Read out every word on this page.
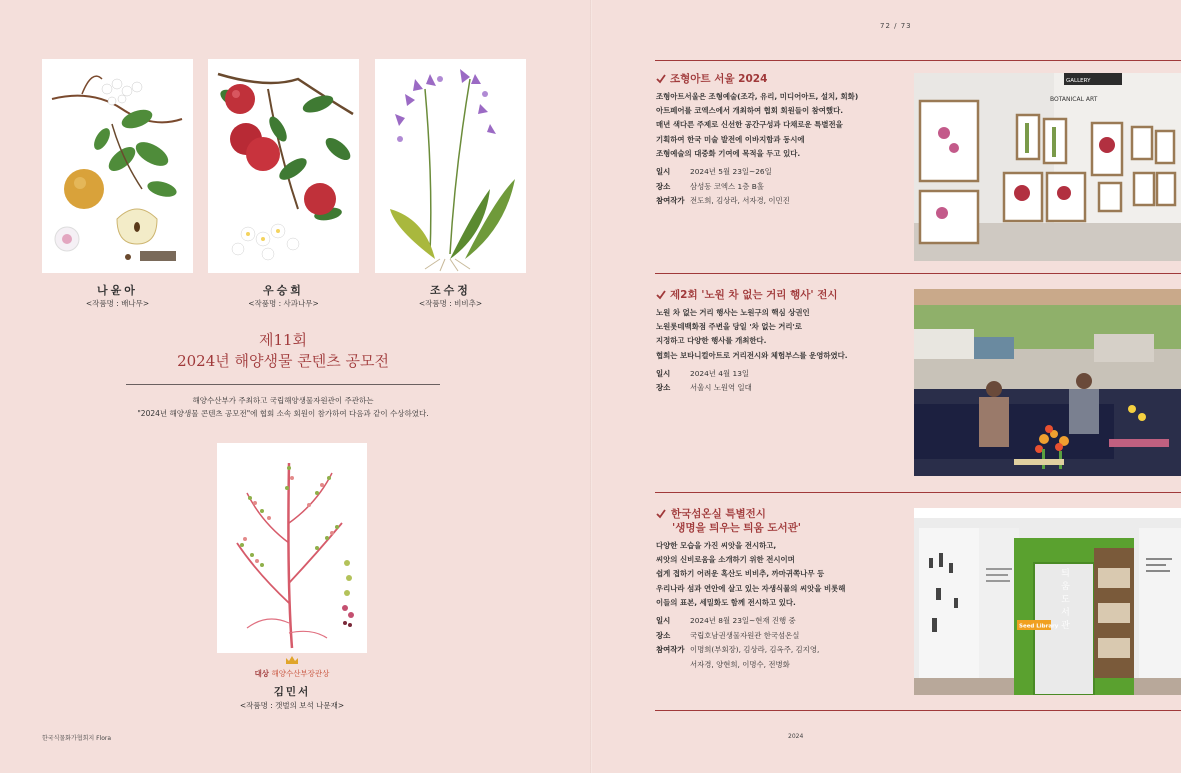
나윤아
<작품명 : 배나무>
우승희
<작품명 : 사과나무>
조수정
<작품명 : 비비추>
제11회
2024년 해양생물 콘텐츠 공모전
해양수산부가 주최하고 국립해양생물자원관이 주관하는
"2024년 해양생물 콘텐츠 공모전"에 협회 소속 회원이 참가하여 다음과 같이 수상하였다.
대상 해양수산부장관상
김민서
<작품명 : 갯벌의 보석 나문재>
한국식물화가협회지 Flora
72 / 73
조형아트 서울 2024
조형아트서울은 조형예술(조각, 유리, 미디어아트, 설치, 회화)
아트페어를 코엑스에서 개최하여 협회 회원들이 참여했다.
매년 색다른 주제로 신선한 공간구성과 다채로운 특별전을
기획하여 한국 미술 발전에 이바지함과 동시에
조형예술의 대중화 기여에 목적을 두고 있다.
일시	2024년 5월 23일~26일
장소	삼성동 코엑스 1층 B홀
참여작가 전도희, 김상라, 서자경, 이민진
GALLERY
BOTANICAL ART
제2회 '노원 차 없는 거리 행사' 전시
노원 차 없는 거리 행사는 노원구의 핵심 상권인
노원롯데백화점 주변을 당일 '차 없는 거리'로
지정하고 다양한 행사를 개최한다.
협회는 보타니컬아트로 거리전시와 체험부스를 운영하였다.
일시	2024년 4월 13일
장소	서울시 노원역 일대
한국섬온실 특별전시
'생명을 틔우는 틔움 도서관'
다양한 모습을 가진 씨앗을 전시하고,
씨앗의 신비로움을 소개하기 위한 전시이며
쉽게 접하기 어려운 혹산도 비비추, 까마귀쪽나무 등
우리나라 섬과 연안에 살고 있는 자생식물의 씨앗을 비롯해
이들의 표본, 세밀화도 함께 전시하고 있다.
일시	2024년 8월 23일~현재 진행 중
장소	국립호남권생물자원관 한국섬온실
참여작가 이명희(부회장), 김상라, 김옥주, 김지영,
서자경, 양현희, 이명수, 전병화
Seed Library 틔움도서관
2024
